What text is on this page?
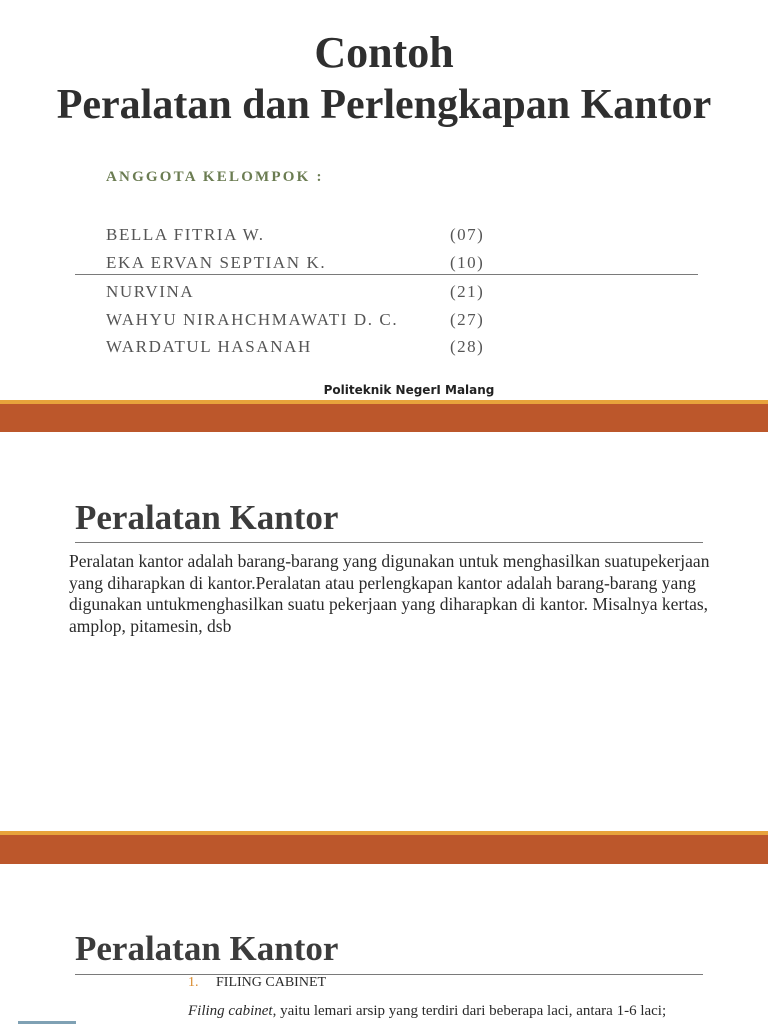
Contoh
Peralatan dan Perlengkapan Kantor
ANGGOTA KELOMPOK :
BELLA FITRIA W.	(07)
EKA ERVAN SEPTIAN K.	(10)
NURVINA	(21)
WAHYU NIRAHCHMAWATI D. C.	(27)
WARDATUL HASANAH	(28)
Politeknik NegerI Malang
Peralatan Kantor
Peralatan kantor adalah barang-barang yang digunakan untuk menghasilkan suatupekerjaan yang diharapkan di kantor.Peralatan atau perlengkapan kantor adalah barang-barang yang digunakan untukmenghasilkan suatu pekerjaan yang diharapkan di kantor. Misalnya kertas, amplop, pitamesin, dsb
Peralatan Kantor
1. FILING CABINET
Filing cabinet, yaitu lemari arsip yang terdiri dari beberapa laci, antara 1-6 laci;
